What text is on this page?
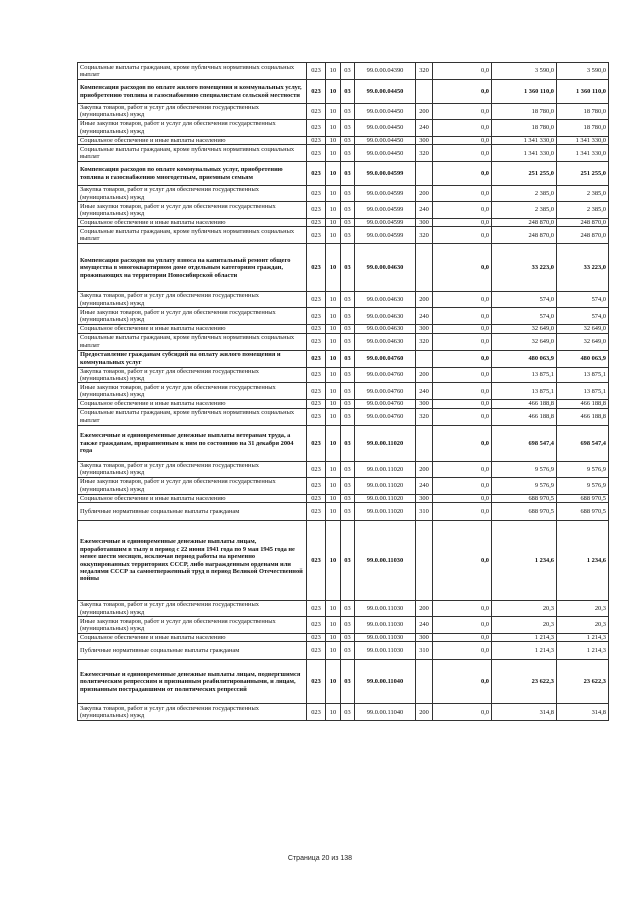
Социальные выплаты гражданам, кроме публичных нормативных социальных выплат	023	10	03	99.0.00.04390	320	0,0	3 590,0	3 590,0
Компенсация расходов по оплате жилого помещения и коммунальных услуг, приобретению топлива и газоснабжению специалистам сельской местности	023	10	03	99.0.00.04450		0,0	1 360 110,0	1 360 110,0
Закупка товаров, работ и услуг для обеспечения государственных (муниципальных) нужд	023	10	03	99.0.00.04450	200	0,0	18 780,0	18 780,0
Иные закупки товаров, работ и услуг для обеспечения государственных (муниципальных) нужд	023	10	03	99.0.00.04450	240	0,0	18 780,0	18 780,0
Социальное обеспечение и иные выплаты населению	023	10	03	99.0.00.04450	300	0,0	1 341 330,0	1 341 330,0
Социальные выплаты гражданам, кроме публичных нормативных социальных выплат	023	10	03	99.0.00.04450	320	0,0	1 341 330,0	1 341 330,0
Компенсация расходов по оплате коммунальных услуг, приобретению топлива и газоснабжению многодетным, приемным семьям	023	10	03	99.0.00.04599		0,0	251 255,0	251 255,0
Закупка товаров, работ и услуг для обеспечения государственных (муниципальных) нужд	023	10	03	99.0.00.04599	200	0,0	2 385,0	2 385,0
Иные закупки товаров, работ и услуг для обеспечения государственных (муниципальных) нужд	023	10	03	99.0.00.04599	240	0,0	2 385,0	2 385,0
Социальное обеспечение и иные выплаты населению	023	10	03	99.0.00.04599	300	0,0	248 870,0	248 870,0
Социальные выплаты гражданам, кроме публичных нормативных социальных выплат	023	10	03	99.0.00.04599	320	0,0	248 870,0	248 870,0
Компенсация расходов на уплату взноса на капитальный ремонт общего имущества в многоквартирном доме отдельным категориям граждан, проживающих на территории Новосибирской области	023	10	03	99.0.00.04630		0,0	33 223,0	33 223,0
Закупка товаров, работ и услуг для обеспечения государственных (муниципальных) нужд	023	10	03	99.0.00.04630	200	0,0	574,0	574,0
Иные закупки товаров, работ и услуг для обеспечения государственных (муниципальных) нужд	023	10	03	99.0.00.04630	240	0,0	574,0	574,0
Социальное обеспечение и иные выплаты населению	023	10	03	99.0.00.04630	300	0,0	32 649,0	32 649,0
Социальные выплаты гражданам, кроме публичных нормативных социальных выплат	023	10	03	99.0.00.04630	320	0,0	32 649,0	32 649,0
Предоставление гражданам субсидий на оплату жилого помещения и коммунальных услуг	023	10	03	99.0.00.04760		0,0	480 063,9	480 063,9
Закупка товаров, работ и услуг для обеспечения государственных (муниципальных) нужд	023	10	03	99.0.00.04760	200	0,0	13 875,1	13 875,1
Иные закупки товаров, работ и услуг для обеспечения государственных (муниципальных) нужд	023	10	03	99.0.00.04760	240	0,0	13 875,1	13 875,1
Социальное обеспечение и иные выплаты населению	023	10	03	99.0.00.04760	300	0,0	466 188,8	466 188,8
Социальные выплаты гражданам, кроме публичных нормативных социальных выплат	023	10	03	99.0.00.04760	320	0,0	466 188,8	466 188,8
Ежемесячные и единовременные денежные выплаты ветеранам труда, а также гражданам, приравненным к ним по состоянию на 31 декабря 2004 года	023	10	03	99.0.00.11020		0,0	698 547,4	698 547,4
Закупка товаров, работ и услуг для обеспечения государственных (муниципальных) нужд	023	10	03	99.0.00.11020	200	0,0	9 576,9	9 576,9
Иные закупки товаров, работ и услуг для обеспечения государственных (муниципальных) нужд	023	10	03	99.0.00.11020	240	0,0	9 576,9	9 576,9
Социальное обеспечение и иные выплаты населению	023	10	03	99.0.00.11020	300	0,0	688 970,5	688 970,5
Публичные нормативные социальные выплаты гражданам	023	10	03	99.0.00.11020	310	0,0	688 970,5	688 970,5
Ежемесячные и единовременные денежные выплаты лицам, проработавшим в тылу в период с 22 июня 1941 года по 9 мая 1945 года не менее шести месяцев, исключая период работы на временно оккупированных территориях СССР, либо награжденным орденами или медалями СССР за самоотверженный труд в период Великой Отечественной войны	023	10	03	99.0.00.11030		0,0	1 234,6	1 234,6
Закупка товаров, работ и услуг для обеспечения государственных (муниципальных) нужд	023	10	03	99.0.00.11030	200	0,0	20,3	20,3
Иные закупки товаров, работ и услуг для обеспечения государственных (муниципальных) нужд	023	10	03	99.0.00.11030	240	0,0	20,3	20,3
Социальное обеспечение и иные выплаты населению	023	10	03	99.0.00.11030	300	0,0	1 214,3	1 214,3
Публичные нормативные социальные выплаты гражданам	023	10	03	99.0.00.11030	310	0,0	1 214,3	1 214,3
Ежемесячные и единовременные денежные выплаты лицам, подвергшимся политическим репрессиям и признанным реабилитированными, и лицам, признанным пострадавшими от политических репрессий	023	10	03	99.0.00.11040		0,0	23 622,3	23 622,3
Закупка товаров, работ и услуг для обеспечения государственных (муниципальных) нужд	023	10	03	99.0.00.11040	200	0,0	314,8	314,8
Страница 20 из 138
